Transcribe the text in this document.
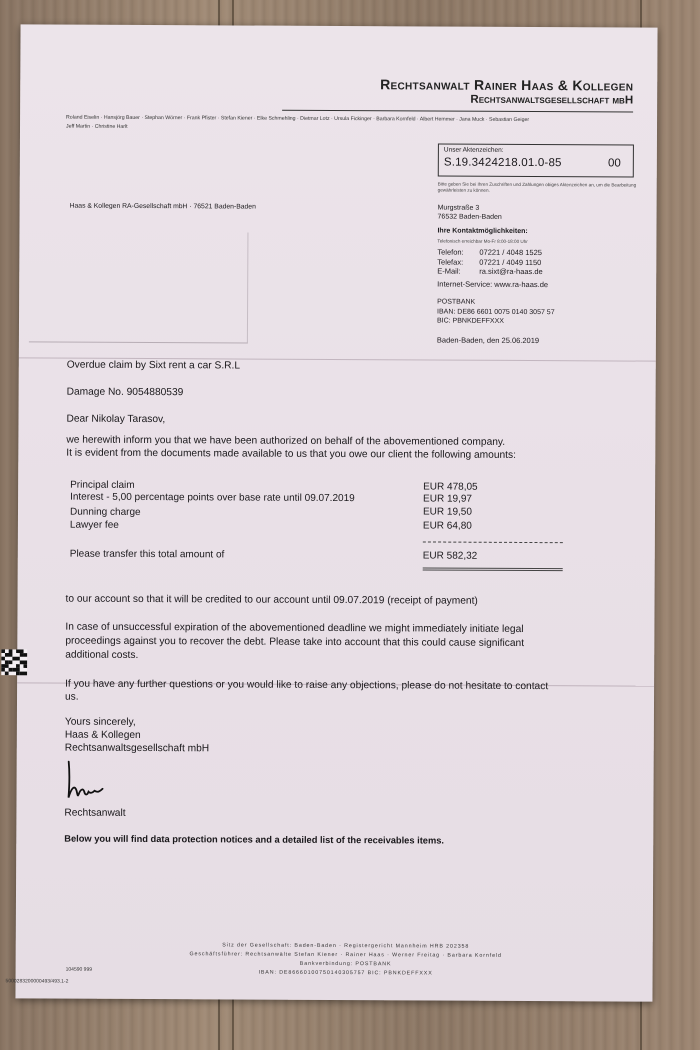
Rechtsanwalt Rainer Haas & Kollegen
Rechtsanwaltsgesellschaft mbH
Roland Eiselin · Hansjörg Bauer · Stephan Wörner · Frank Pfister · Stefan Kiener · Elke Schmehling · Dietmar Lotz · Ursula Fickinger · Barbara Kornfeld · Albert Hemmer · Jana Muck · Sebastian Geiger
Jeff Martin · Christine Harlt
Unser Aktenzeichen:
S.19.3424218.01.0-85	00
Bitte geben Sie bei Ihren Zuschriften und Zahlungen obiges Aktenzeichen an, um die Bearbeitung gewährleisten zu können.
Murgstraße 3
76532 Baden-Baden
Ihre Kontaktmöglichkeiten:
Telefonisch erreichbar Mo-Fr 8:00-18:00 Uhr
Telefon: 07221 / 4048 1525
Telefax: 07221 / 4049 1150
E-Mail: ra.sixt@ra-haas.de
Internet-Service: www.ra-haas.de
POSTBANK
IBAN: DE86 6601 0075 0140 3057 57
BIC: PBNKDEFFXXX
Baden-Baden, den 25.06.2019
Haas & Kollegen RA-Gesellschaft mbH · 76521 Baden-Baden
Overdue claim by Sixt rent a car S.R.L
Damage No. 9054880539
Dear Nikolay Tarasov,
we herewith inform you that we have been authorized on behalf of the abovementioned company.
It is evident from the documents made available to us that you owe our client the following amounts:
Principal claim	EUR 478,05
Interest - 5,00 percentage points over base rate until 09.07.2019	EUR 19,97
Dunning charge	EUR 19,50
Lawyer fee	EUR 64,80
Please transfer this total amount of	EUR 582,32
to our account so that it will be credited to our account until 09.07.2019 (receipt of payment)
In case of unsuccessful expiration of the abovementioned deadline we might immediately initiate legal
proceedings against you to recover the debt. Please take into account that this could cause significant
additional costs.
If you have any further questions or you would like to raise any objections, please do not hesitate to contact
us.
Yours sincerely,
Haas & Kollegen
Rechtsanwaltsgesellschaft mbH
Rechtsanwalt
Below you will find data protection notices and a detailed list of the receivables items.
Sitz der Gesellschaft: Baden-Baden · Registergericht Mannheim HRB 202358
Geschäftsführer: Rechtsanwälte Stefan Kiener · Rainer Haas · Werner Freitag · Barbara Kornfeld
Bankverbindung: POSTBANK
IBAN: DE86660100750140305757 BIC: PBNKDEFFXXX
104590 999
5000283200000493/493.1-2
